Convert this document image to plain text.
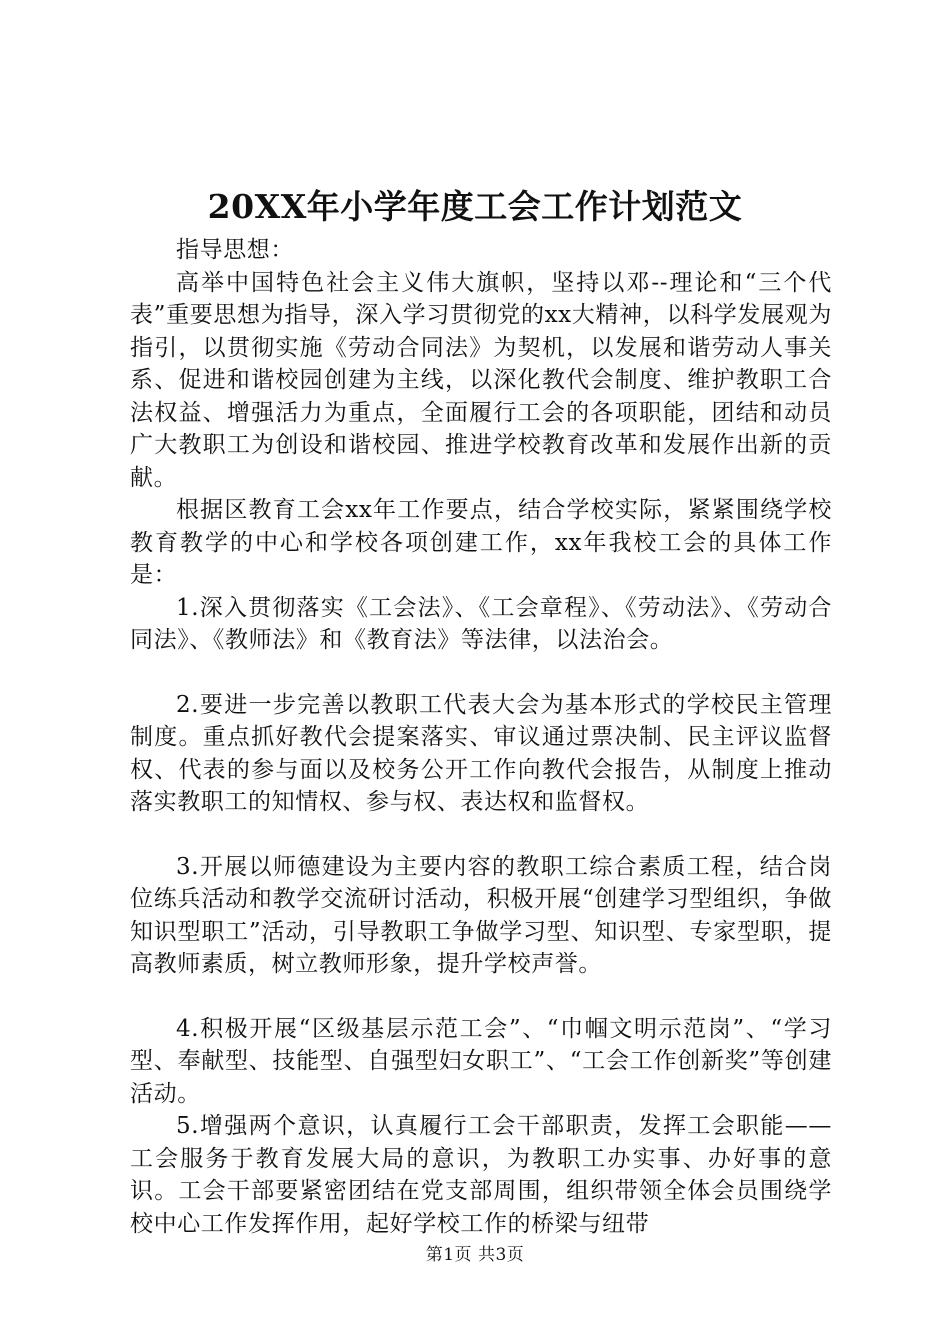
20XX年小学年度工会工作计划范文

指导思想：

高举中国特色社会主义伟大旗帜，坚持以邓--理论和“三个代表”重要思想为指导，深入学习贯彻党的xx大精神，以科学发展观为指引，以贯彻实施《劳动合同法》为契机，以发展和谐劳动人事关系、促进和谐校园创建为主线，以深化教代会制度、维护教职工合法权益、增强活力为重点，全面履行工会的各项职能，团结和动员广大教职工为创设和谐校园、推进学校教育改革和发展作出新的贡献。

根据区教育工会xx年工作要点，结合学校实际，紧紧围绕学校教育教学的中心和学校各项创建工作，xx年我校工会的具体工作是：

1.深入贯彻落实《工会法》、《工会章程》、《劳动法》、《劳动合同法》、《教师法》和《教育法》等法律，以法治会。

2.要进一步完善以教职工代表大会为基本形式的学校民主管理制度。重点抓好教代会提案落实、审议通过票决制、民主评议监督权、代表的参与面以及校务公开工作向教代会报告，从制度上推动落实教职工的知情权、参与权、表达权和监督权。

3.开展以师德建设为主要内容的教职工综合素质工程，结合岗位练兵活动和教学交流研讨活动，积极开展“创建学习型组织，争做知识型职工”活动，引导教职工争做学习型、知识型、专家型职，提高教师素质，树立教师形象，提升学校声誉。

4.积极开展“区级基层示范工会”、“巾帼文明示范岗”、“学习型、奉献型、技能型、自强型妇女职工”、“工会工作创新奖”等创建活动。

5.增强两个意识，认真履行工会干部职责，发挥工会职能——工会服务于教育发展大局的意识，为教职工办实事、办好事的意识。工会干部要紧密团结在党支部周围，组织带领全体会员围绕学校中心工作发挥作用，起好学校工作的桥梁与纽带

第1页 共3页
